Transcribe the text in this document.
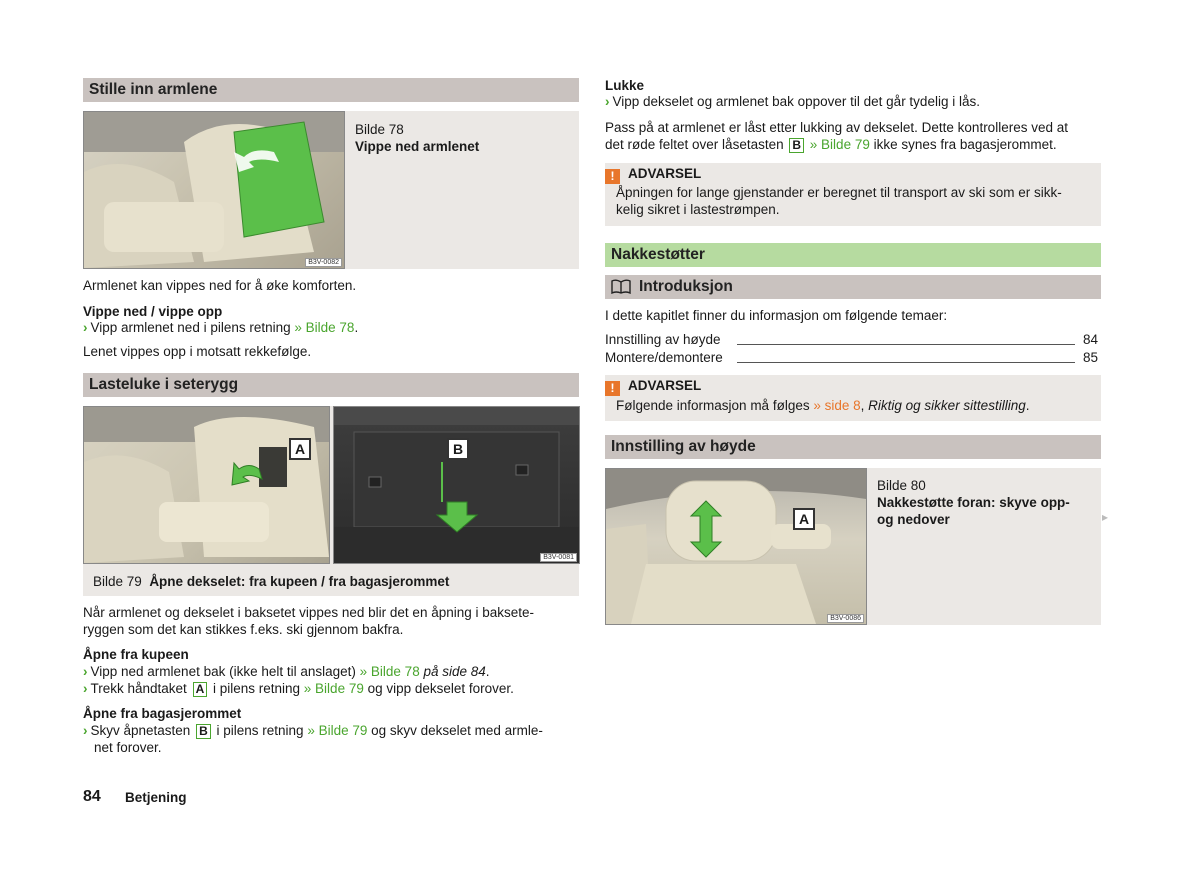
Stille inn armlene
B3V-0082
Bilde 78
Vippe ned armlenet
Armlenet kan vippes ned for å øke komforten.
Vippe ned / vippe opp
› Vipp armlenet ned i pilens retning » Bilde 78.
Lenet vippes opp i motsatt rekkefølge.
Lasteluke i seterygg
A	B
B3V-0081
Bilde 79 Åpne dekselet: fra kupeen / fra bagasjerommet
Når armlenet og dekselet i baksetet vippes ned blir det en åpning i baksete-
ryggen som det kan stikkes f.eks. ski gjennom bakfra.
Åpne fra kupeen
› Vipp ned armlenet bak (ikke helt til anslaget) » Bilde 78 på side 84.
› Trekk håndtaket A i pilens retning » Bilde 79 og vipp dekselet forover.
Åpne fra bagasjerommet
› Skyv åpnetasten B i pilens retning » Bilde 79 og skyv dekselet med armle-
net forover.
84 Betjening
Lukke
› Vipp dekselet og armlenet bak oppover til det går tydelig i lås.
Pass på at armlenet er låst etter lukking av dekselet. Dette kontrolleres ved at
det røde feltet over låsetasten B » Bilde 79 ikke synes fra bagasjerommet.
! ADVARSEL
Åpningen for lange gjenstander er beregnet til transport av ski som er sikk-
kelig sikret i lastestrømpen.
Nakkestøtter
Introduksjon
I dette kapitlet finner du informasjon om følgende temaer:
Innstilling av høyde	84
Montere/demontere	85
! ADVARSEL
Følgende informasjon må følges » side 8, Riktig og sikker sittestilling.
Innstilling av høyde
A
B3V-0086
Bilde 80
Nakkestøtte foran: skyve opp-
og nedover	▸
